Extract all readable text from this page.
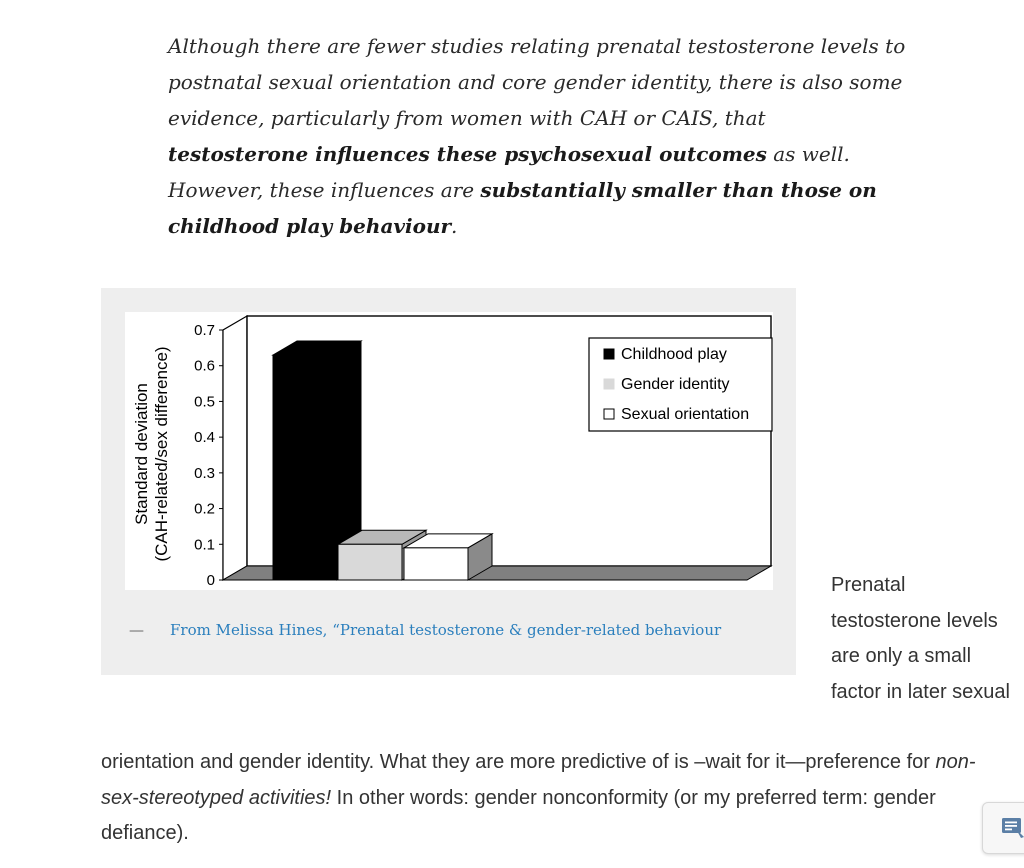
Although there are fewer studies relating prenatal testosterone levels to postnatal sexual orientation and core gender identity, there is also some evidence, particularly from women with CAH or CAIS, that testosterone influences these psychosexual outcomes as well. However, these influences are substantially smaller than those on childhood play behaviour.

Standard deviation (CAH-related/sex difference)
0
0.1
0.2
0.3
0.4
0.5
0.6
0.7
Childhood play
Gender identity
Sexual orientation
— From Melissa Hines, “Prenatal testosterone & gender-related behaviour

Prenatal testosterone levels are only a small factor in later sexual

orientation and gender identity. What they are more predictive of is –wait for it—preference for non-sex-stereotyped activities! In other words: gender nonconformity (or my preferred term: gender defiance).
